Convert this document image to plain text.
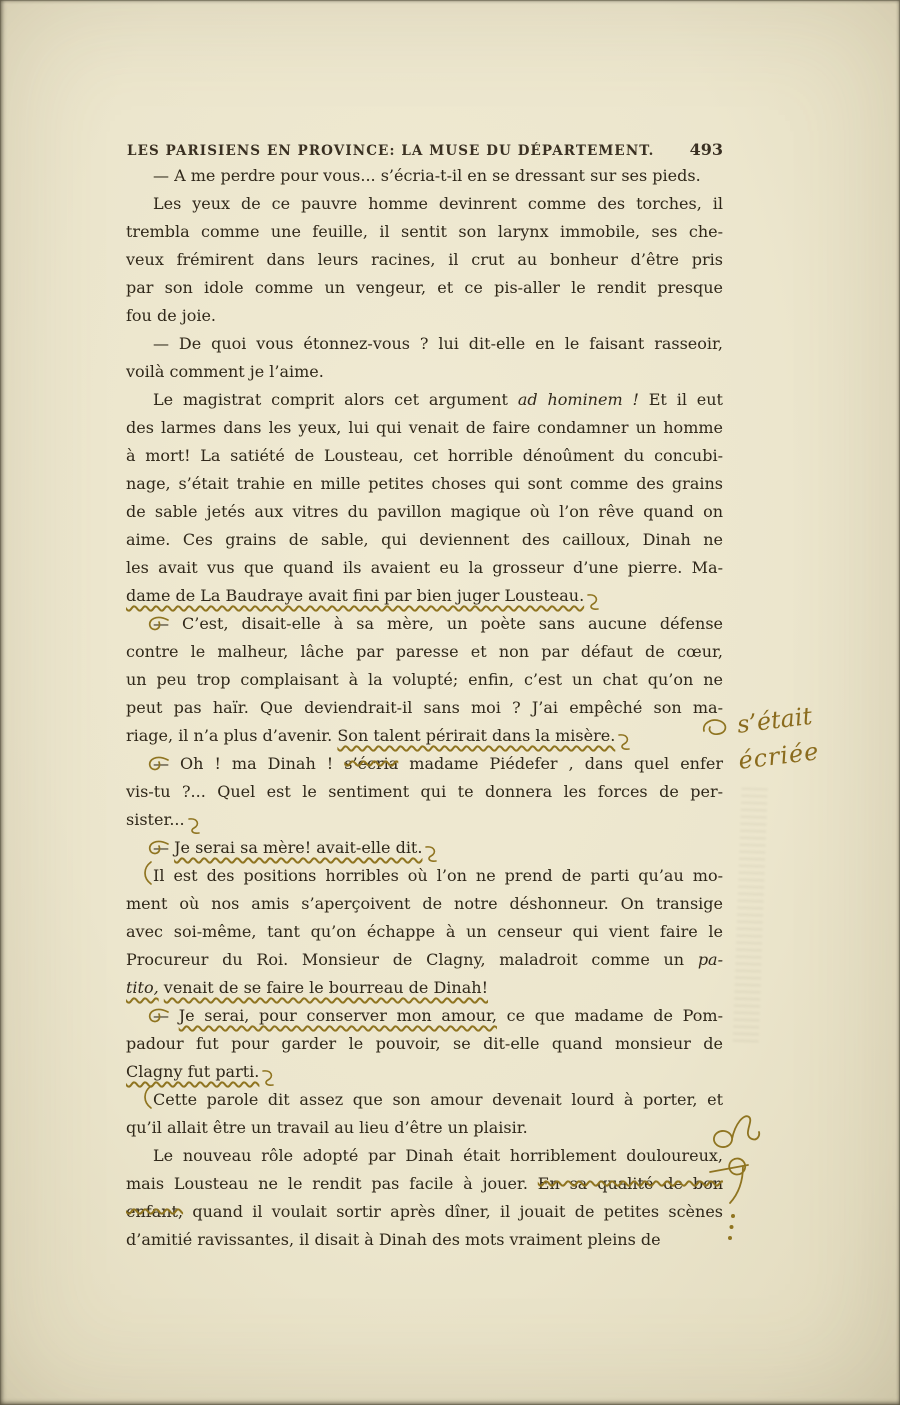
LES PARISIENS EN PROVINCE: LA MUSE DU DÉPARTEMENT. 493
— A me perdre pour vous... s’écria-t-il en se dressant sur ses pieds.
Les yeux de ce pauvre homme devinrent comme des torches, il
trembla comme une feuille, il sentit son larynx immobile, ses che-
veux frémirent dans leurs racines, il crut au bonheur d’être pris
par son idole comme un vengeur, et ce pis-aller le rendit presque
fou de joie.
— De quoi vous étonnez-vous ? lui dit-elle en le faisant rasseoir,
voilà comment je l’aime.
Le magistrat comprit alors cet argument ad hominem ! Et il eut
des larmes dans les yeux, lui qui venait de faire condamner un homme
à mort! La satiété de Lousteau, cet horrible dénoûment du concubi-
nage, s’était trahie en mille petites choses qui sont comme des grains
de sable jetés aux vitres du pavillon magique où l’on rêve quand on
aime. Ces grains de sable, qui deviennent des cailloux, Dinah ne
les avait vus que quand ils avaient eu la grosseur d’une pierre. Ma-
dame de La Baudraye avait fini par bien juger Lousteau.
— C’est, disait-elle à sa mère, un poète sans aucune défense
contre le malheur, lâche par paresse et non par défaut de cœur,
un peu trop complaisant à la volupté; enfin, c’est un chat qu’on ne
peut pas haïr. Que deviendrait-il sans moi ? J’ai empêché son ma-
riage, il n’a plus d’avenir. Son talent périrait dans la misère.
— Oh ! ma Dinah ! s’écria madame Piédefer , dans quel enfer
vis-tu ?... Quel est le sentiment qui te donnera les forces de per-
sister...
— Je serai sa mère! avait-elle dit.
Il est des positions horribles où l’on ne prend de parti qu’au mo-
ment où nos amis s’aperçoivent de notre déshonneur. On transige
avec soi-même, tant qu’on échappe à un censeur qui vient faire le
Procureur du Roi. Monsieur de Clagny, maladroit comme un pa-
tito, venait de se faire le bourreau de Dinah!
— Je serai, pour conserver mon amour, ce que madame de Pom-
padour fut pour garder le pouvoir, se dit-elle quand monsieur de
Clagny fut parti.
Cette parole dit assez que son amour devenait lourd à porter, et
qu’il allait être un travail au lieu d’être un plaisir.
Le nouveau rôle adopté par Dinah était horriblement douloureux,
mais Lousteau ne le rendit pas facile à jouer. En sa qualité de bon
enfant, quand il voulait sortir après dîner, il jouait de petites scènes
d’amitié ravissantes, il disait à Dinah des mots vraiment pleins de
s’était
écriée
